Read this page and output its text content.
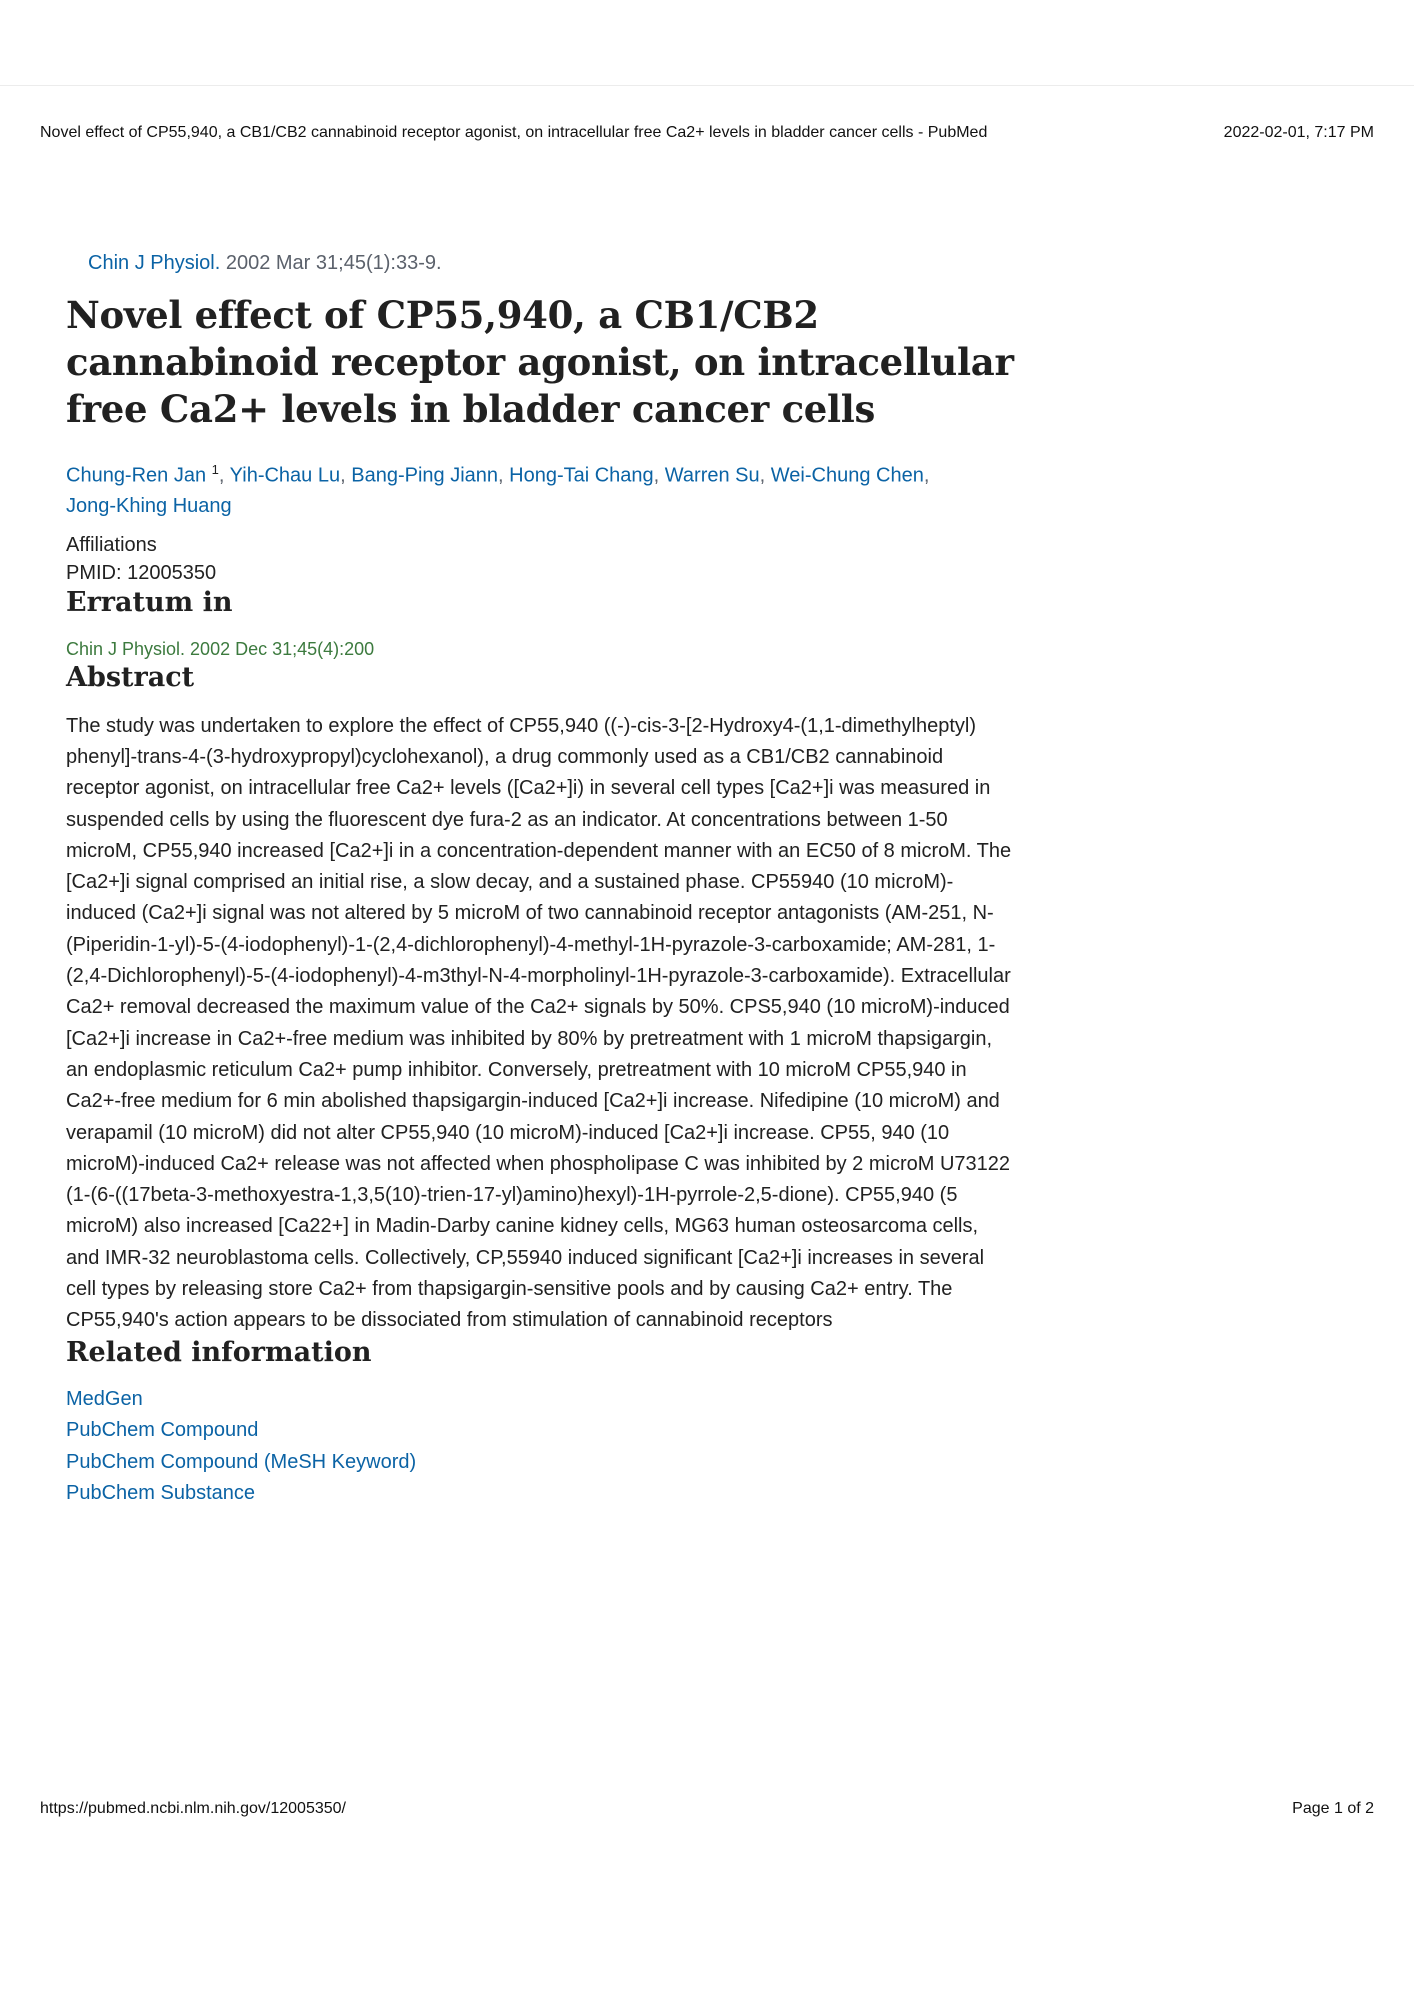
Novel effect of CP55,940, a CB1/CB2 cannabinoid receptor agonist, on intracellular free Ca2+ levels in bladder cancer cells - PubMed	2022-02-01, 7:17 PM
Chin J Physiol. 2002 Mar 31;45(1):33-9.
Novel effect of CP55,940, a CB1/CB2 cannabinoid receptor agonist, on intracellular free Ca2+ levels in bladder cancer cells
Chung-Ren Jan $^1$, Yih-Chau Lu, Bang-Ping Jiann, Hong-Tai Chang, Warren Su, Wei-Chung Chen,
Jong-Khing Huang

Affiliations

PMID: 12005350

Erratum in
Chin J Physiol. 2002 Dec 31;45(4):200
Abstract
The study was undertaken to explore the effect of CP55,940 ((-)-cis-3-[2-Hydroxy4-(1,1-dimethylheptyl) phenyl]-trans-4-(3-hydroxypropyl)cyclohexanol), a drug commonly used as a CB1/CB2 cannabinoid receptor agonist, on intracellular free Ca2+ levels ([Ca2+]i) in several cell types [Ca2+]i was measured in suspended cells by using the fluorescent dye fura-2 as an indicator. At concentrations between 1-50 microM, CP55,940 increased [Ca2+]i in a concentration-dependent manner with an EC50 of 8 microM. The [Ca2+]i signal comprised an initial rise, a slow decay, and a sustained phase. CP55940 (10 microM)-induced (Ca2+]i signal was not altered by 5 microM of two cannabinoid receptor antagonists (AM-251, N-(Piperidin-1-yl)-5-(4-iodophenyl)-1-(2,4-dichlorophenyl)-4-methyl-1H-pyrazole-3-carboxamide; AM-281, 1-(2,4-Dichlorophenyl)-5-(4-iodophenyl)-4-m3thyl-N-4-morpholinyl-1H-pyrazole-3-carboxamide). Extracellular Ca2+ removal decreased the maximum value of the Ca2+ signals by 50%. CPS5,940 (10 microM)-induced [Ca2+]i increase in Ca2+-free medium was inhibited by 80% by pretreatment with 1 microM thapsigargin, an endoplasmic reticulum Ca2+ pump inhibitor. Conversely, pretreatment with 10 microM CP55,940 in Ca2+-free medium for 6 min abolished thapsigargin-induced [Ca2+]i increase. Nifedipine (10 microM) and verapamil (10 microM) did not alter CP55,940 (10 microM)-induced [Ca2+]i increase. CP55, 940 (10 microM)-induced Ca2+ release was not affected when phospholipase C was inhibited by 2 microM U73122 (1-(6-((17beta-3-methoxyestra-1,3,5(10)-trien-17-yl)amino)hexyl)-1H-pyrrole-2,5-dione). CP55,940 (5 microM) also increased [Ca22+] in Madin-Darby canine kidney cells, MG63 human osteosarcoma cells, and IMR-32 neuroblastoma cells. Collectively, CP,55940 induced significant [Ca2+]i increases in several cell types by releasing store Ca2+ from thapsigargin-sensitive pools and by causing Ca2+ entry. The CP55,940's action appears to be dissociated from stimulation of cannabinoid receptors
Related information
MedGen
PubChem Compound
PubChem Compound (MeSH Keyword)
PubChem Substance
https://pubmed.ncbi.nlm.nih.gov/12005350/	Page 1 of 2
